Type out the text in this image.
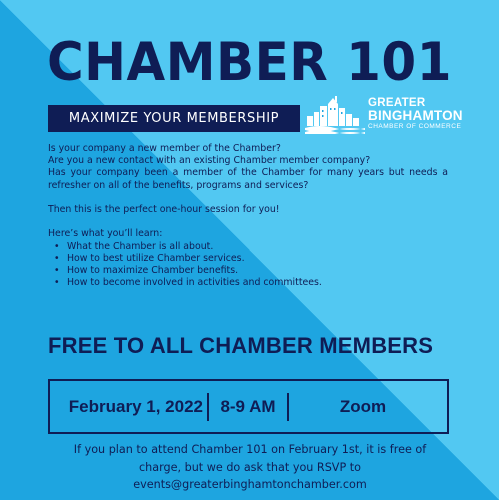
CHAMBER 101
MAXIMIZE YOUR MEMBERSHIP
GREATER
BINGHAMTON
CHAMBER OF COMMERCE

Is your company a new member of the Chamber?

Are you a new contact with an existing Chamber member company?

Has your company been a member of the Chamber for many years but needs a refresher on all of the benefits, programs and services?

Then this is the perfect one-hour session for you!

Here’s what you’ll learn:

• What the Chamber is all about.
• How to best utilize Chamber services.
• How to maximize Chamber benefits.
• How to become involved in activities and committees.
FREE TO ALL CHAMBER MEMBERS
February 1, 2022	8-9 AM	Zoom
If you plan to attend Chamber 101 on February 1st, it is free of
charge, but we do ask that you RSVP to
events@greaterbinghamtonchamber.com
